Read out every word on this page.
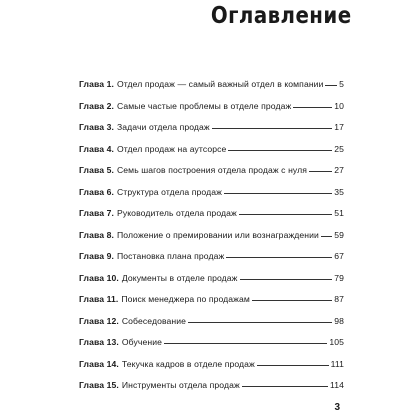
Оглавление
Глава 1. Отдел продаж — самый важный отдел в компании 5
Глава 2. Самые частые проблемы в отделе продаж	10
Глава 3. Задачи отдела продаж	17
Глава 4. Отдел продаж на аутсорсе	25
Глава 5. Семь шагов построения отдела продаж с нуля	27
Глава 6. Структура отдела продаж	35
Глава 7. Руководитель отдела продаж	51
Глава 8. Положение о премировании или вознаграждении 59
Глава 9. Постановка плана продаж	67
Глава 10. Документы в отделе продаж	79
Глава 11. Поиск менеджера по продажам	87
Глава 12. Собеседование	98
Глава 13. Обучение	105
Глава 14. Текучка кадров в отделе продаж	111
Глава 15. Инструменты отдела продаж	114
3
